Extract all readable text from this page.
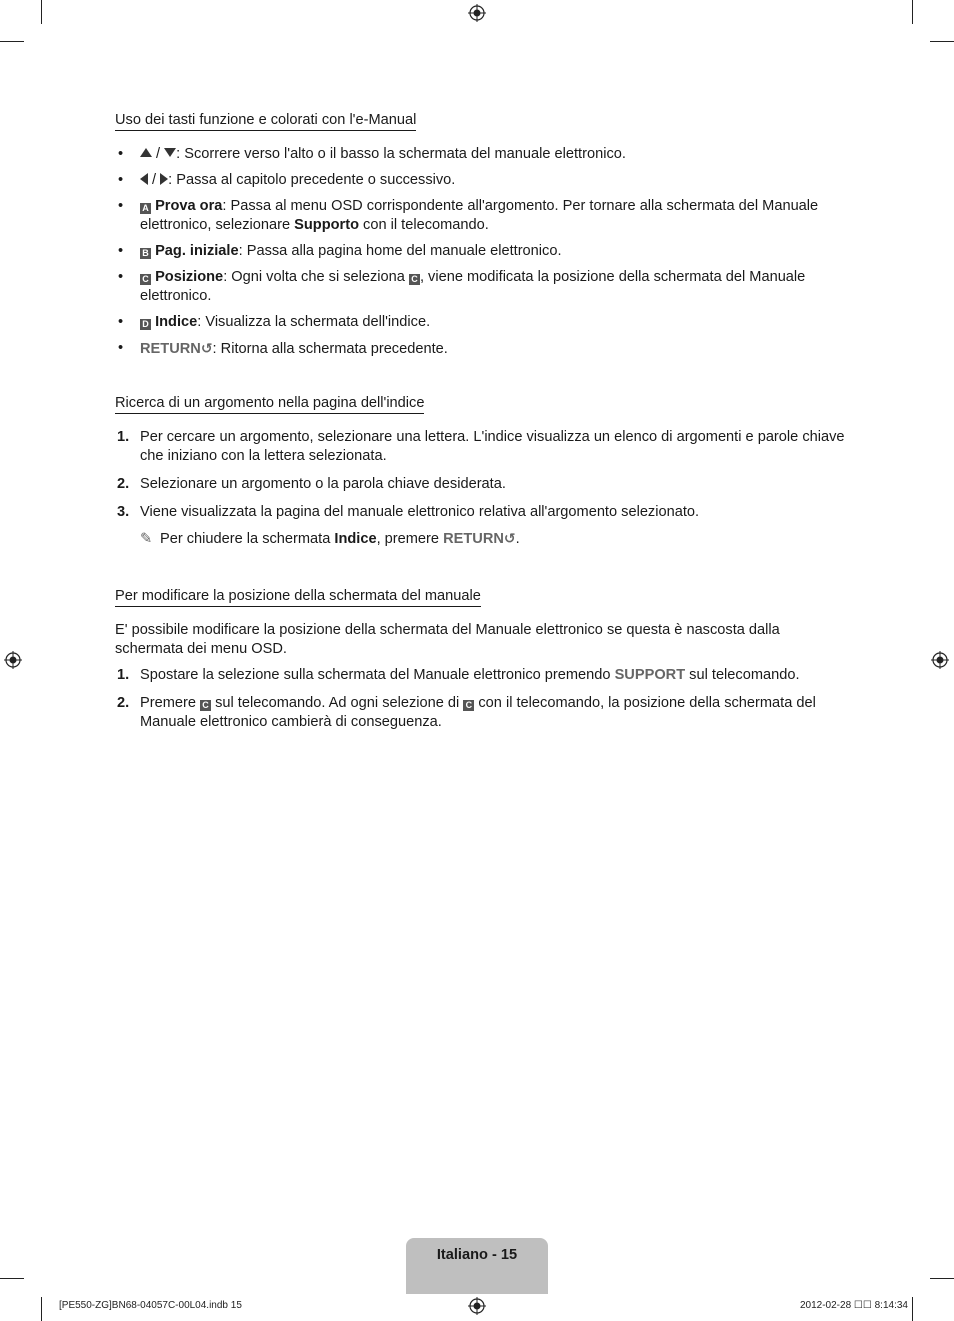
Uso dei tasti funzione e colorati con l'e-Manual
• / : Scorrere verso l'alto o il basso la schermata del manuale elettronico.
• / : Passa al capitolo precedente o successivo.
• A Prova ora: Passa al menu OSD corrispondente all'argomento. Per tornare alla schermata del Manuale elettronico, selezionare Supporto con il telecomando.
• B Pag. iniziale: Passa alla pagina home del manuale elettronico.
• C Posizione: Ogni volta che si seleziona C , viene modificata la posizione della schermata del Manuale elettronico.
• D Indice: Visualizza la schermata dell'indice.
• RETURN↺: Ritorna alla schermata precedente.
Ricerca di un argomento nella pagina dell'indice
1. Per cercare un argomento, selezionare una lettera. L'indice visualizza un elenco di argomenti e parole chiave che iniziano con la lettera selezionata.
2. Selezionare un argomento o la parola chiave desiderata.
3. Viene visualizzata la pagina del manuale elettronico relativa all'argomento selezionato.
✎ Per chiudere la schermata Indice, premere RETURN↺.
Per modificare la posizione della schermata del manuale

E' possibile modificare la posizione della schermata del Manuale elettronico se questa è nascosta dalla schermata dei menu OSD.

1. Spostare la selezione sulla schermata del Manuale elettronico premendo SUPPORT sul telecomando.
2. Premere C sul telecomando. Ad ogni selezione di C con il telecomando, la posizione della schermata del Manuale elettronico cambierà di conseguenza.
Italiano - 15
[PE550-ZG]BN68-04057C-00L04.indb 15	2012-02-28 ☐☐ 8:14:34
